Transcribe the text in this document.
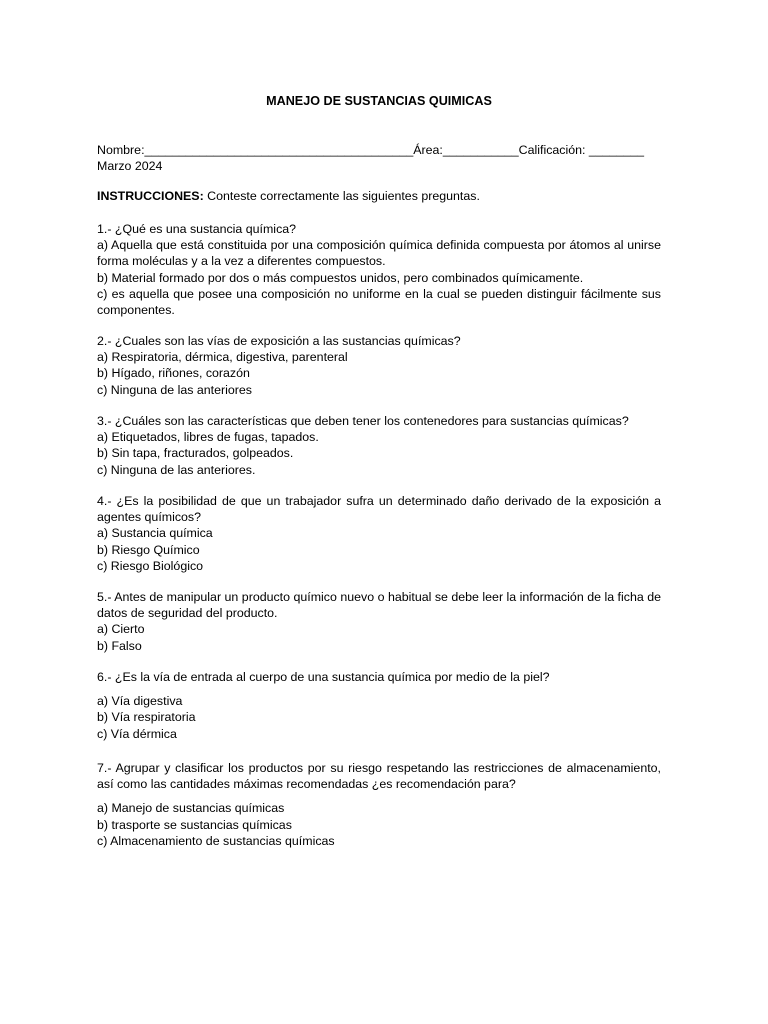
MANEJO DE SUSTANCIAS QUIMICAS
Nombre:_______________________________________Área:___________Calificación: ________
Marzo 2024
INSTRUCCIONES: Conteste correctamente las siguientes preguntas.
1.- ¿Qué es una sustancia química?
a) Aquella que está constituida por una composición química definida compuesta por átomos al unirse forma moléculas y a la vez a diferentes compuestos.
b) Material formado por dos o más compuestos unidos, pero combinados químicamente.
c) es aquella que posee una composición no uniforme en la cual se pueden distinguir fácilmente sus componentes.
2.- ¿Cuales son las vías de exposición a las sustancias químicas?
a) Respiratoria, dérmica, digestiva, parenteral
b) Hígado, riñones, corazón
c) Ninguna de las anteriores
3.- ¿Cuáles son las características que deben tener los contenedores para sustancias químicas?
a) Etiquetados, libres de fugas, tapados.
b) Sin tapa, fracturados, golpeados.
c) Ninguna de las anteriores.
4.- ¿Es la posibilidad de que un trabajador sufra un determinado daño derivado de la exposición a agentes químicos?
a) Sustancia química
b) Riesgo Químico
c) Riesgo Biológico
5.- Antes de manipular un producto químico nuevo o habitual se debe leer la información de la ficha de datos de seguridad del producto.
a) Cierto
b) Falso
6.- ¿Es la vía de entrada al cuerpo de una sustancia química por medio de la piel?
a) Vía digestiva
b) Vía respiratoria
c) Vía dérmica
7.- Agrupar y clasificar los productos por su riesgo respetando las restricciones de almacenamiento, así como las cantidades máximas recomendadas ¿es recomendación para?
a) Manejo de sustancias químicas
b) trasporte se sustancias químicas
c) Almacenamiento de sustancias químicas
